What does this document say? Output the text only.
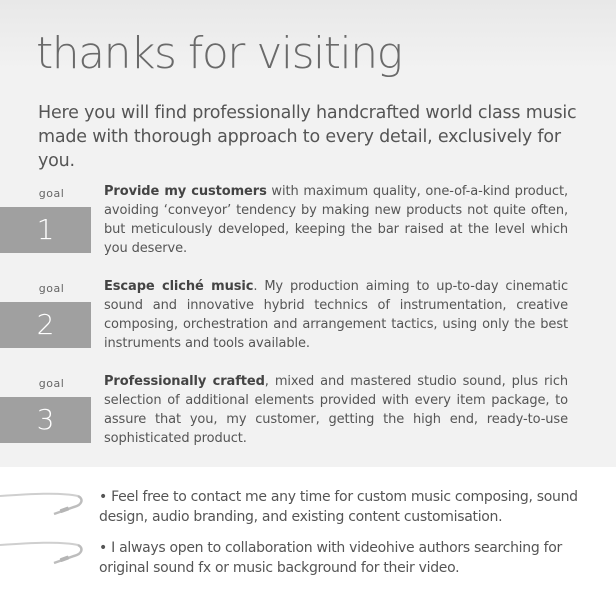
thanks for visiting

Here you will find professionally handcrafted world class music made with thorough approach to every detail, exclusively for you.

goal
1

Provide my customers with maximum quality, one-of-a-kind product, avoiding ‘conveyor’ tendency by making new products not quite often, but meticulously developed, keeping the bar raised at the level which you deserve.

goal
2

Escape cliché music. My production aiming to up-to-day cinematic sound and innovative hybrid technics of instrumentation, creative composing, orchestration and arrangement tactics, using only the best instruments and tools available.

goal
3

Professionally crafted, mixed and mastered studio sound, plus rich selection of additional elements provided with every item package, to assure that you, my customer, getting the high end, ready-to-use sophisticated product.

• Feel free to contact me any time for custom music composing, sound design, audio branding, and existing content customisation.

• I always open to collaboration with videohive authors searching for original sound fx or music background for their video.
